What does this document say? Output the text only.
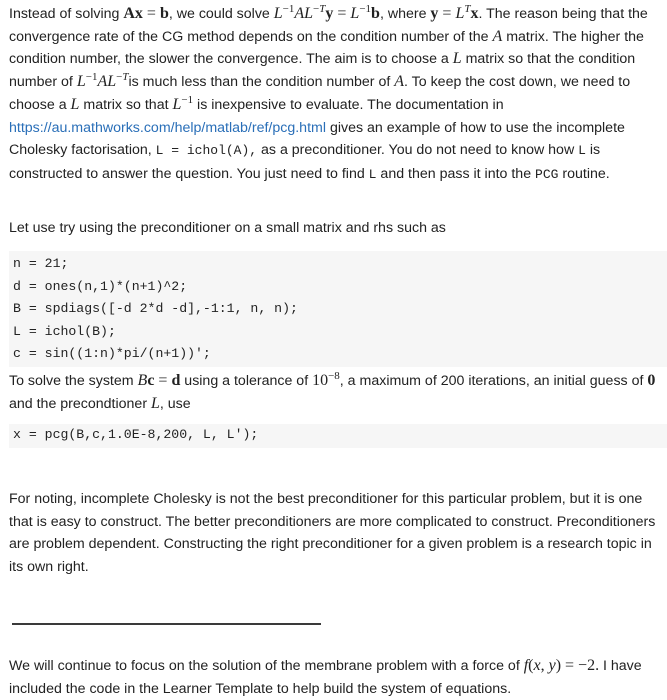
Instead of solving Ax = b, we could solve $L^{-1}AL^{-T}y = L^{-1}b$, where $y = L^Tx$. The reason being that the convergence rate of the CG method depends on the condition number of the A matrix. The higher the condition number, the slower the convergence. The aim is to choose a L matrix so that the condition number of $L^{-1}AL^{-T}is$ much less than the condition number of A. To keep the cost down, we need to choose a L matrix so that $L^{-1}$ is inexpensive to evaluate. The documentation in https://au.mathworks.com/help/matlab/ref/pcg.html gives an example of how to use the incomplete Cholesky factorisation, L = ichol(A), as a preconditioner. You do not need to know how L is constructed to answer the question. You just need to find L and then pass it into the PCG routine.

Let use try using the preconditioner on a small matrix and rhs such as

n = 21;
d = ones(n,1)*(n+1)^2;
B = spdiags([-d 2*d -d],-1:1, n, n);
L = ichol(B);
c = sin((1:n)*pi/(n+1))';

To solve the system Bc = d using a tolerance of $10^{-8}$, a maximum of 200 iterations, an initial guess of 0 and the precondtioner L, use

x = pcg(B,c,1.0E-8,200, L, L');

For noting, incomplete Cholesky is not the best preconditioner for this particular problem, but it is one that is easy to construct. The better preconditioners are more complicated to construct. Preconditioners are problem dependent. Constructing the right preconditioner for a given problem is a research topic in its own right.

We will continue to focus on the solution of the membrane problem with a force of f(x, y) = −2. I have included the code in the Learner Template to help build the system of equations.
